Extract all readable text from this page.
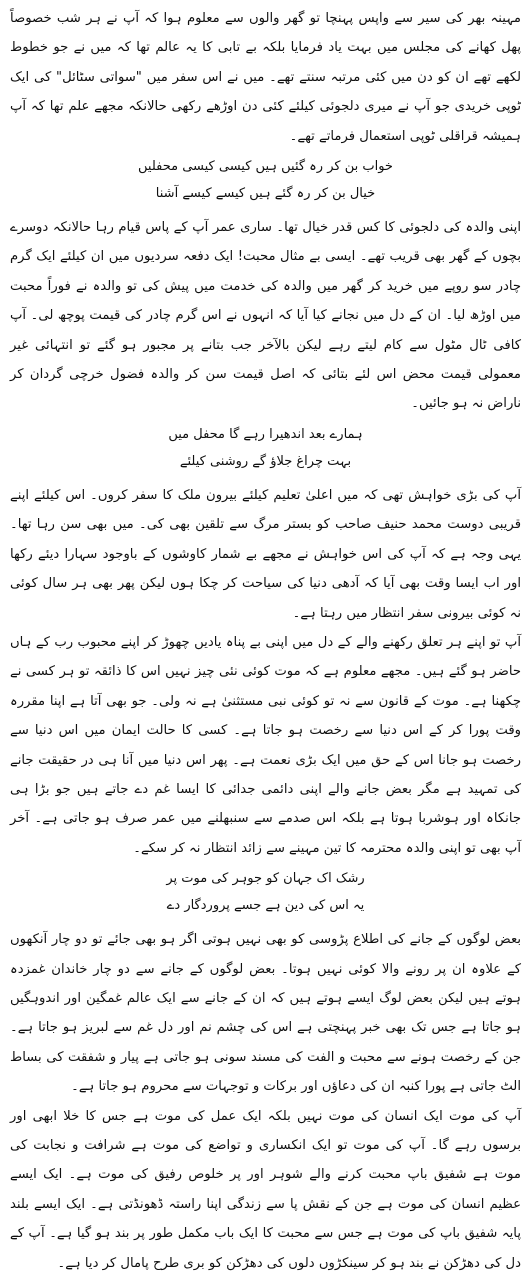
مہینہ بھر کی سیر سے واپس پہنچا تو گھر والوں سے معلوم ہوا کہ آپ نے ہر شب خصوصاً پھل کھانے کی مجلس میں بہت یاد فرمایا بلکہ بے تابی کا یہ عالم تھا کہ میں نے جو خطوط لکھے تھے ان کو دن میں کئی مرتبہ سنتے تھے۔ میں نے اس سفر میں "سواتی سٹائل" کی ایک ٹوپی خریدی جو آپ نے میری دلجوئی کیلئے کئی دن اوڑھے رکھی حالانکہ مجھے علم تھا کہ آپ ہمیشہ قراقلی ٹوپی استعمال فرماتے تھے۔

خواب بن کر رہ گئیں ہیں کیسی کیسی محفلیں
خیال بن کر رہ گئے ہیں کیسے کیسے آشنا

اپنی والدہ کی دلجوئی کا کس قدر خیال تھا۔ ساری عمر آپ کے پاس قیام رہا حالانکہ دوسرے بچوں کے گھر بھی قریب تھے۔ ایسی بے مثال محبت! ایک دفعہ سردیوں میں ان کیلئے ایک گرم چادر سو روپے میں خرید کر گھر میں والدہ کی خدمت میں پیش کی تو والدہ نے فوراً محبت میں اوڑھ لیا۔ ان کے دل میں نجانے کیا آیا کہ انہوں نے اس گرم چادر کی قیمت پوچھ لی۔ آپ کافی ٹال مٹول سے کام لیتے رہے لیکن بالآخر جب بتانے پر مجبور ہو گئے تو انتہائی غیر معمولی قیمت محض اس لئے بتائی کہ اصل قیمت سن کر والدہ فضول خرچی گردان کر ناراض نہ ہو جائیں۔

ہمارے بعد اندھیرا رہے گا محفل میں
بہت چراغ جلاؤ گے روشنی کیلئے

آپ کی بڑی خواہش تھی کہ میں اعلیٰ تعلیم کیلئے بیرون ملک کا سفر کروں۔ اس کیلئے اپنے قریبی دوست محمد حنیف صاحب کو بستر مرگ سے تلقین بھی کی۔ میں بھی سن رہا تھا۔ یہی وجہ ہے کہ آپ کی اس خواہش نے مجھے بے شمار کاوشوں کے باوجود سہارا دیئے رکھا اور اب ایسا وقت بھی آیا کہ آدھی دنیا کی سیاحت کر چکا ہوں لیکن پھر بھی ہر سال کوئی نہ کوئی بیرونی سفر انتظار میں رہتا ہے۔

آپ تو اپنے ہر تعلق رکھنے والے کے دل میں اپنی بے پناہ یادیں چھوڑ کر اپنے محبوب رب کے ہاں حاضر ہو گئے ہیں۔ مجھے معلوم ہے کہ موت کوئی نئی چیز نہیں اس کا ذائقہ تو ہر کسی نے چکھنا ہے۔ موت کے قانون سے نہ تو کوئی نبی مستثنیٰ ہے نہ ولی۔ جو بھی آتا ہے اپنا مقررہ وقت پورا کر کے اس دنیا سے رخصت ہو جاتا ہے۔ کسی کا حالت ایمان میں اس دنیا سے رخصت ہو جانا اس کے حق میں ایک بڑی نعمت ہے۔ پھر اس دنیا میں آنا ہی در حقیقت جانے کی تمہید ہے مگر بعض جانے والے اپنی دائمی جدائی کا ایسا غم دے جاتے ہیں جو بڑا ہی جانکاہ اور ہوشربا ہوتا ہے بلکہ اس صدمے سے سنبھلنے میں عمر صرف ہو جاتی ہے۔ آخر آپ بھی تو اپنی والدہ محترمہ کا تین مہینے سے زائد انتظار نہ کر سکے۔

رشک اک جہان کو جوہر کی موت پر
یہ اس کی دین ہے جسے پروردگار دے

بعض لوگوں کے جانے کی اطلاع پڑوسی کو بھی نہیں ہوتی اگر ہو بھی جائے تو دو چار آنکھوں کے علاوہ ان پر رونے والا کوئی نہیں ہوتا۔ بعض لوگوں کے جانے سے دو چار خاندان غمزدہ ہوتے ہیں لیکن بعض لوگ ایسے ہوتے ہیں کہ ان کے جانے سے ایک عالم غمگین اور اندوہگیں ہو جاتا ہے جس تک بھی خبر پہنچتی ہے اس کی چشم نم اور دل غم سے لبریز ہو جاتا ہے۔ جن کے رخصت ہونے سے محبت و الفت کی مسند سونی ہو جاتی ہے پیار و شفقت کی بساط الٹ جاتی ہے پورا کنبہ ان کی دعاؤں اور برکات و توجہات سے محروم ہو جاتا ہے۔

آپ کی موت ایک انسان کی موت نہیں بلکہ ایک عمل کی موت ہے جس کا خلا ابھی اور برسوں رہے گا۔ آپ کی موت تو ایک انکساری و تواضع کی موت ہے شرافت و نجابت کی موت ہے شفیق باپ محبت کرنے والے شوہر اور پر خلوص رفیق کی موت ہے۔ ایک ایسے عظیم انسان کی موت ہے جن کے نقش پا سے زندگی اپنا راستہ ڈھونڈتی ہے۔ ایک ایسے بلند پایہ شفیق باپ کی موت ہے جس سے محبت کا ایک باب مکمل طور پر بند ہو گیا ہے۔ آپ کے دل کی دھڑکن نے بند ہو کر سینکڑوں دلوں کی دھڑکن کو بری طرح پامال کر دیا ہے۔
